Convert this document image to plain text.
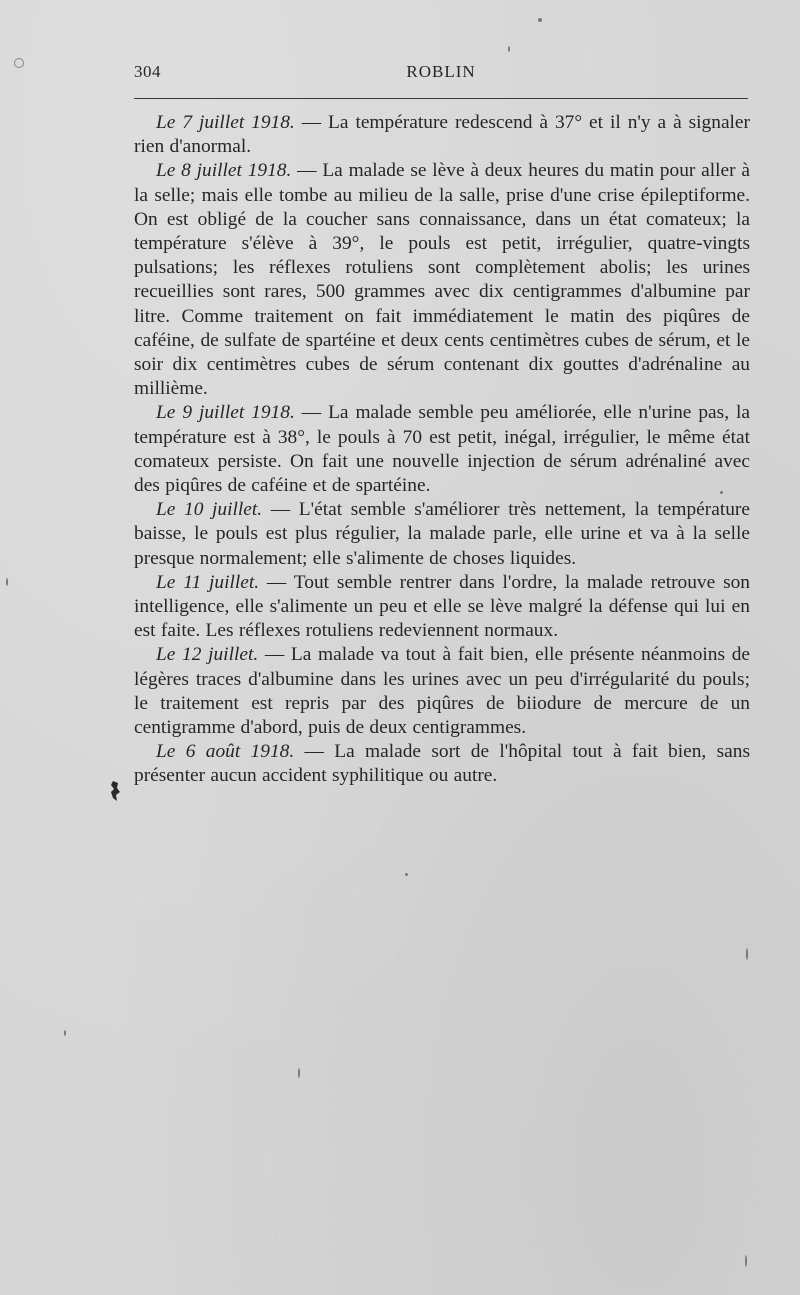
304	ROBLIN

Le 7 juillet 1918. — La température redescend à 37° et il n'y a à signaler rien d'anormal.

Le 8 juillet 1918. — La malade se lève à deux heures du matin pour aller à la selle; mais elle tombe au milieu de la salle, prise d'une crise épileptiforme. On est obligé de la coucher sans connaissance, dans un état comateux; la température s'élève à 39°, le pouls est petit, irrégulier, quatre-vingts pulsations; les réflexes rotuliens sont complètement abolis; les urines recueillies sont rares, 500 grammes avec dix centigrammes d'albumine par litre. Comme traitement on fait immédiatement le matin des piqûres de caféine, de sulfate de spartéine et deux cents centimètres cubes de sérum, et le soir dix centimètres cubes de sérum contenant dix gouttes d'adrénaline au millième.

Le 9 juillet 1918. — La malade semble peu améliorée, elle n'urine pas, la température est à 38°, le pouls à 70 est petit, inégal, irrégulier, le même état comateux persiste. On fait une nouvelle injection de sérum adrénaliné avec des piqûres de caféine et de spartéine.

Le 10 juillet. — L'état semble s'améliorer très nettement, la température baisse, le pouls est plus régulier, la malade parle, elle urine et va à la selle presque normalement; elle s'alimente de choses liquides.

Le 11 juillet. — Tout semble rentrer dans l'ordre, la malade retrouve son intelligence, elle s'alimente un peu et elle se lève malgré la défense qui lui en est faite. Les réflexes rotuliens redeviennent normaux.

Le 12 juillet. — La malade va tout à fait bien, elle présente néanmoins de légères traces d'albumine dans les urines avec un peu d'irrégularité du pouls; le traitement est repris par des piqûres de biiodure de mercure de un centigramme d'abord, puis de deux centigrammes.

Le 6 août 1918. — La malade sort de l'hôpital tout à fait bien, sans présenter aucun accident syphilitique ou autre.
